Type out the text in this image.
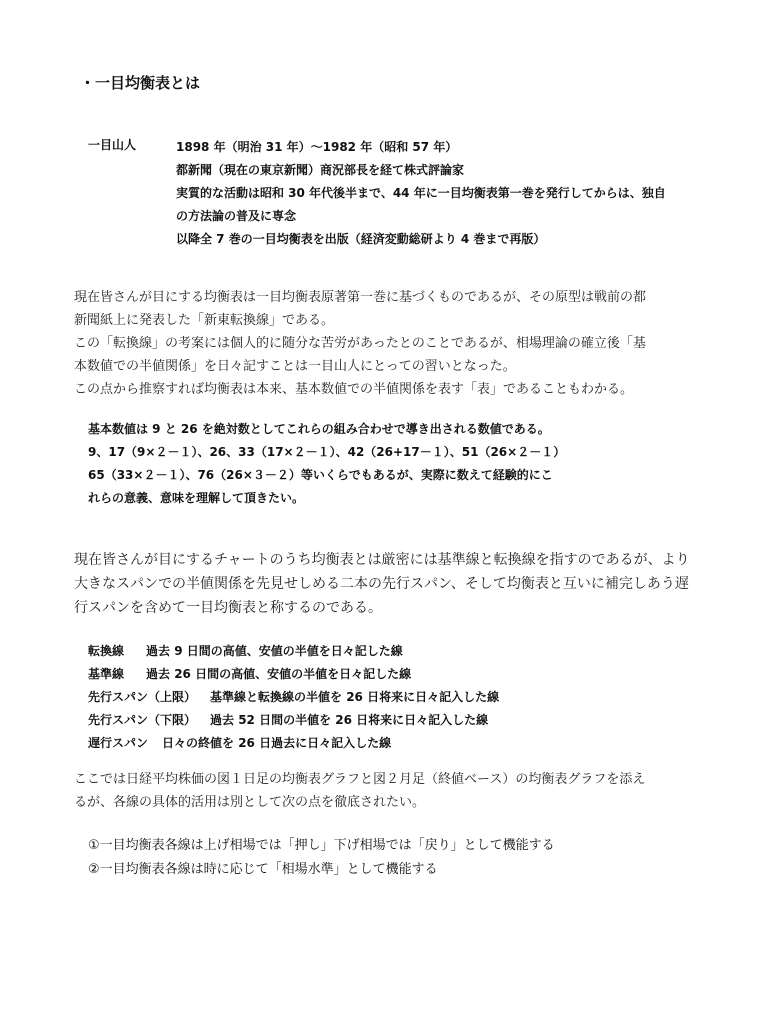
・一目均衡表とは
一目山人	1898 年（明治 31 年）～1982 年（昭和 57 年）
都新聞（現在の東京新聞）商況部長を経て株式評論家
実質的な活動は昭和 30 年代後半まで、44 年に一目均衡表第一巻を発行してからは、独自
の方法論の普及に専念
以降全 7 巻の一目均衡表を出版（経済変動総研より 4 巻まで再版）
現在皆さんが目にする均衡表は一目均衡表原著第一巻に基づくものであるが、その原型は戦前の都
新聞紙上に発表した「新東転換線」である。
この「転換線」の考案には個人的に随分な苦労があったとのことであるが、相場理論の確立後「基
本数値での半値関係」を日々記すことは一目山人にとっての習いとなった。
この点から推察すれば均衡表は本来、基本数値での半値関係を表す「表」であることもわかる。
基本数値は 9 と 26 を絶対数としてこれらの組み合わせで導き出される数値である。
9、17（9×２－１）、26、33（17×２－１）、42（26+17－１）、51（26×２－１）
65（33×２－１）、76（26×３－２）等いくらでもあるが、実際に数えて経験的にこ
れらの意義、意味を理解して頂きたい。
現在皆さんが目にするチャートのうち均衡表とは厳密には基準線と転換線を指すのであるが、より
大きなスパンでの半値関係を先見せしめる二本の先行スパン、そして均衡表と互いに補完しあう遅
行スパンを含めて一目均衡表と称するのである。
転換線 過去 9 日間の高値、安値の半値を日々記した線
基準線 過去 26 日間の高値、安値の半値を日々記した線
先行スパン（上限） 基準線と転換線の半値を 26 日将来に日々記入した線
先行スパン（下限） 過去 52 日間の半値を 26 日将来に日々記入した線
遅行スパン 日々の終値を 26 日過去に日々記入した線
ここでは日経平均株価の図１日足の均衡表グラフと図２月足（終値ベース）の均衡表グラフを添え
るが、各線の具体的活用は別として次の点を徹底されたい。
①一目均衡表各線は上げ相場では「押し」下げ相場では「戻り」として機能する
②一目均衡表各線は時に応じて「相場水準」として機能する
